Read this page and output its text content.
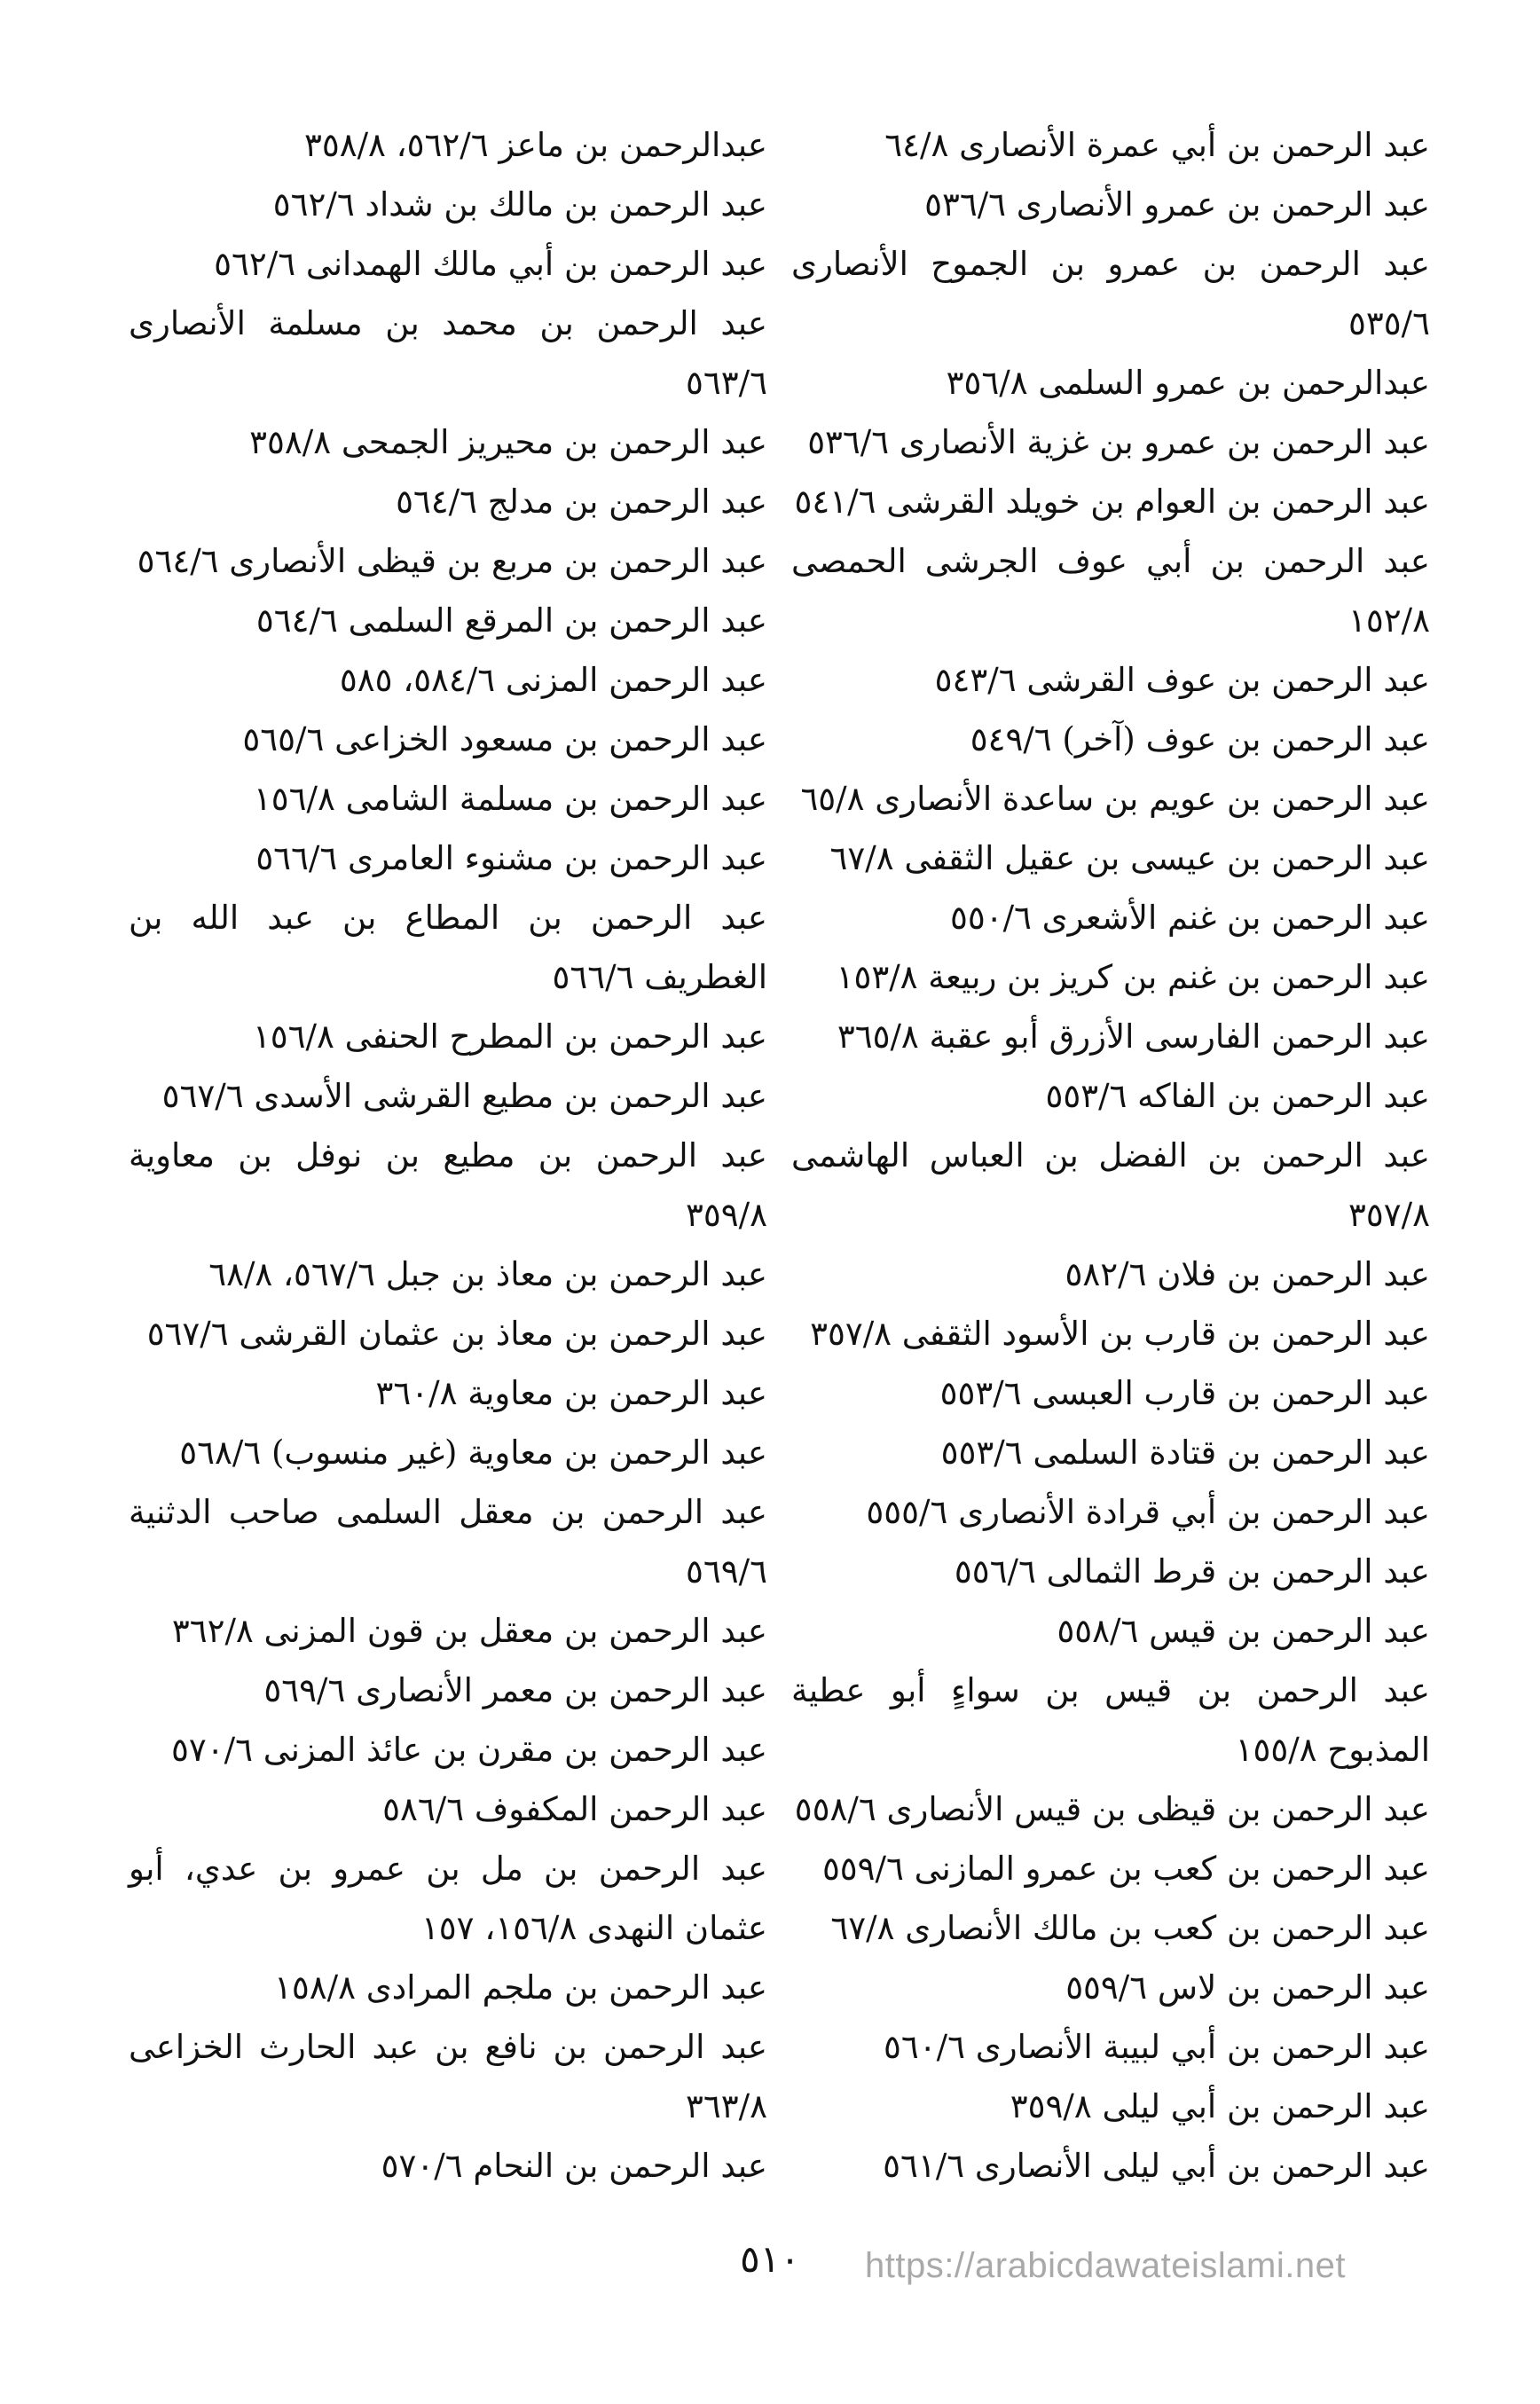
عبد الرحمن بن أبي عمرة الأنصارى ٦٤/٨
عبد الرحمن بن عمرو الأنصارى ٥٣٦/٦
عبد الرحمن بن عمرو بن الجموح الأنصارى ٥٣٥/٦
عبدالرحمن بن عمرو السلمى ٣٥٦/٨
عبد الرحمن بن عمرو بن غزية الأنصارى ٥٣٦/٦
عبد الرحمن بن العوام بن خويلد القرشى ٥٤١/٦
عبد الرحمن بن أبي عوف الجرشى الحمصى ١٥٢/٨
عبد الرحمن بن عوف القرشى ٥٤٣/٦
عبد الرحمن بن عوف (آخر) ٥٤٩/٦
عبد الرحمن بن عويم بن ساعدة الأنصارى ٦٥/٨
عبد الرحمن بن عيسى بن عقيل الثقفى ٦٧/٨
عبد الرحمن بن غنم الأشعرى ٥٥٠/٦
عبد الرحمن بن غنم بن كريز بن ربيعة ١٥٣/٨
عبد الرحمن الفارسى الأزرق أبو عقبة ٣٦٥/٨
عبد الرحمن بن الفاكه ٥٥٣/٦
عبد الرحمن بن الفضل بن العباس الهاشمى ٣٥٧/٨
عبد الرحمن بن فلان ٥٨٢/٦
عبد الرحمن بن قارب بن الأسود الثقفى ٣٥٧/٨
عبد الرحمن بن قارب العبسى ٥٥٣/٦
عبد الرحمن بن قتادة السلمى ٥٥٣/٦
عبد الرحمن بن أبي قرادة الأنصارى ٥٥٥/٦
عبد الرحمن بن قرط الثمالى ٥٥٦/٦
عبد الرحمن بن قيس ٥٥٨/٦
عبد الرحمن بن قيس بن سواءٍ أبو عطية المذبوح ١٥٥/٨
عبد الرحمن بن قيظى بن قيس الأنصارى ٥٥٨/٦
عبد الرحمن بن كعب بن عمرو المازنى ٥٥٩/٦
عبد الرحمن بن كعب بن مالك الأنصارى ٦٧/٨
عبد الرحمن بن لاس ٥٥٩/٦
عبد الرحمن بن أبي لبيبة الأنصارى ٥٦٠/٦
عبد الرحمن بن أبي ليلى ٣٥٩/٨
عبد الرحمن بن أبي ليلى الأنصارى ٥٦١/٦
عبدالرحمن بن ماعز ٥٦٢/٦، ٣٥٨/٨
عبد الرحمن بن مالك بن شداد ٥٦٢/٦
عبد الرحمن بن أبي مالك الهمدانى ٥٦٢/٦
عبد الرحمن بن محمد بن مسلمة الأنصارى ٥٦٣/٦
عبد الرحمن بن محيريز الجمحى ٣٥٨/٨
عبد الرحمن بن مدلج ٥٦٤/٦
عبد الرحمن بن مربع بن قيظى الأنصارى ٥٦٤/٦
عبد الرحمن بن المرقع السلمى ٥٦٤/٦
عبد الرحمن المزنى ٥٨٤/٦، ٥٨٥
عبد الرحمن بن مسعود الخزاعى ٥٦٥/٦
عبد الرحمن بن مسلمة الشامى ١٥٦/٨
عبد الرحمن بن مشنوء العامرى ٥٦٦/٦
عبد الرحمن بن المطاع بن عبد الله بن الغطريف ٥٦٦/٦
عبد الرحمن بن المطرح الحنفى ١٥٦/٨
عبد الرحمن بن مطيع القرشى الأسدى ٥٦٧/٦
عبد الرحمن بن مطيع بن نوفل بن معاوية ٣٥٩/٨
عبد الرحمن بن معاذ بن جبل ٥٦٧/٦، ٦٨/٨
عبد الرحمن بن معاذ بن عثمان القرشى ٥٦٧/٦
عبد الرحمن بن معاوية ٣٦٠/٨
عبد الرحمن بن معاوية (غير منسوب) ٥٦٨/٦
عبد الرحمن بن معقل السلمى صاحب الدثنية ٥٦٩/٦
عبد الرحمن بن معقل بن قون المزنى ٣٦٢/٨
عبد الرحمن بن معمر الأنصارى ٥٦٩/٦
عبد الرحمن بن مقرن بن عائذ المزنى ٥٧٠/٦
عبد الرحمن المكفوف ٥٨٦/٦
عبد الرحمن بن مل بن عمرو بن عدي، أبو عثمان النهدى ١٥٦/٨، ١٥٧
عبد الرحمن بن ملجم المرادى ١٥٨/٨
عبد الرحمن بن نافع بن عبد الحارث الخزاعى ٣٦٣/٨
عبد الرحمن بن النحام ٥٧٠/٦
٥١٠	https://arabicdawateislami.net
